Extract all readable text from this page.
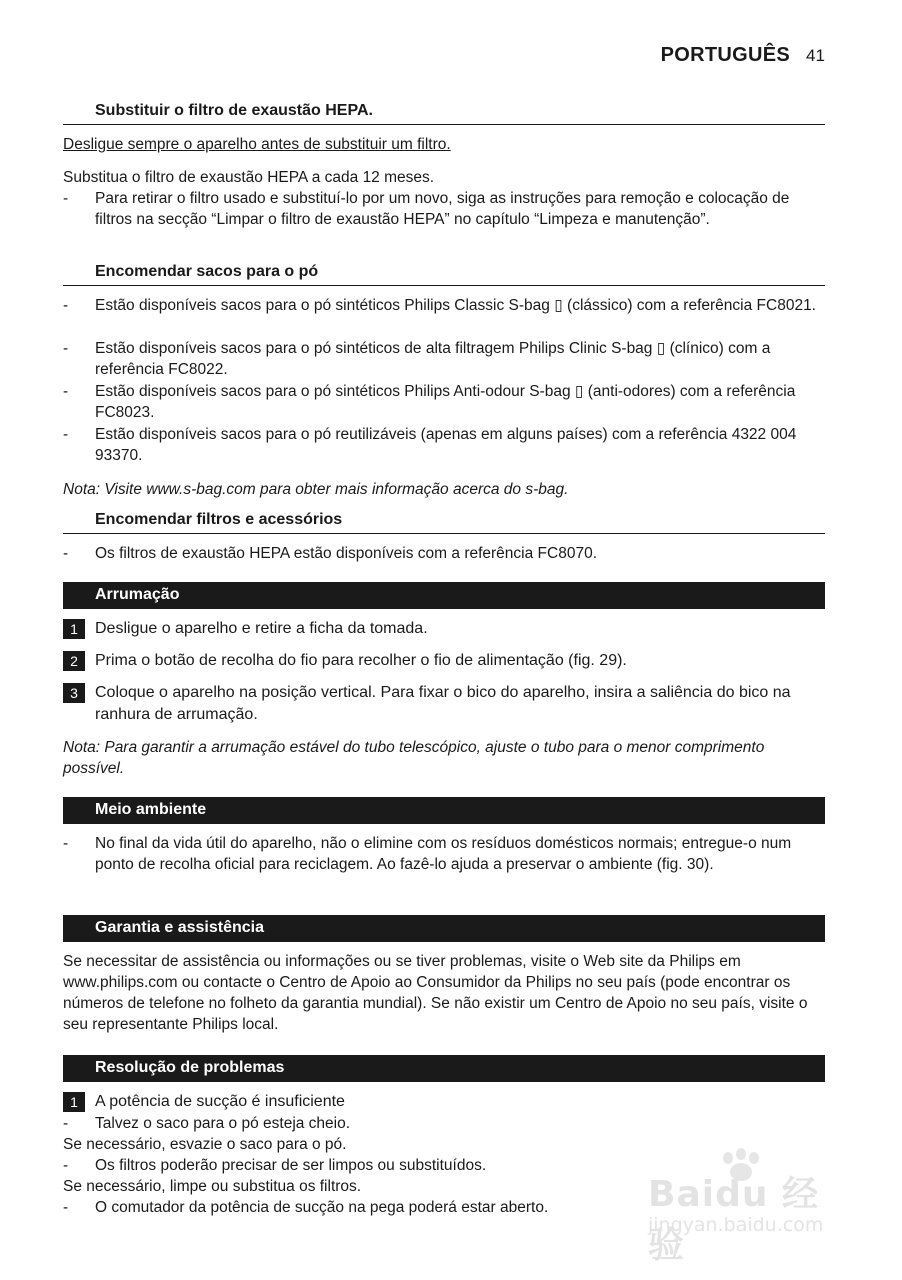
PORTUGUÊS 41
Substituir o filtro de exaustão HEPA.
Desligue sempre o aparelho antes de substituir um filtro.
Substitua o filtro de exaustão HEPA a cada 12 meses.
- Para retirar o filtro usado e substituí-lo por um novo, siga as instruções para remoção e colocação de filtros na secção “Limpar o filtro de exaustão HEPA” no capítulo “Limpeza e manutenção”.
Encomendar sacos para o pó
- Estão disponíveis sacos para o pó sintéticos Philips Classic S-bag ▯ (clássico) com a referência FC8021.
- Estão disponíveis sacos para o pó sintéticos de alta filtragem Philips Clinic S-bag ▯ (clínico) com a referência FC8022.
- Estão disponíveis sacos para o pó sintéticos Philips Anti-odour S-bag ▯ (anti-odores) com a referência FC8023.
- Estão disponíveis sacos para o pó reutilizáveis (apenas em alguns países) com a referência 4322 004 93370.
Nota: Visite www.s-bag.com para obter mais informação acerca do s-bag.
Encomendar filtros e acessórios
- Os filtros de exaustão HEPA estão disponíveis com a referência FC8070.
Arrumação
1	Desligue o aparelho e retire a ficha da tomada.
2	Prima o botão de recolha do fio para recolher o fio de alimentação (fig. 29).
3	Coloque o aparelho na posição vertical. Para fixar o bico do aparelho, insira a saliência do bico na ranhura de arrumação.
Nota: Para garantir a arrumação estável do tubo telescópico, ajuste o tubo para o menor comprimento possível.
Meio ambiente
- No final da vida útil do aparelho, não o elimine com os resíduos domésticos normais; entregue-o num ponto de recolha oficial para reciclagem. Ao fazê-lo ajuda a preservar o ambiente (fig. 30).
Garantia e assistência
Se necessitar de assistência ou informações ou se tiver problemas, visite o Web site da Philips em www.philips.com ou contacte o Centro de Apoio ao Consumidor da Philips no seu país (pode encontrar os números de telefone no folheto da garantia mundial). Se não existir um Centro de Apoio no seu país, visite o seu representante Philips local.
Resolução de problemas
1	A potência de sucção é insuficiente
- Talvez o saco para o pó esteja cheio.
Se necessário, esvazie o saco para o pó.
- Os filtros poderão precisar de ser limpos ou substituídos.
Se necessário, limpe ou substitua os filtros.
- O comutador da potência de sucção na pega poderá estar aberto.	Baidu 经验
jingyan.baidu.com
